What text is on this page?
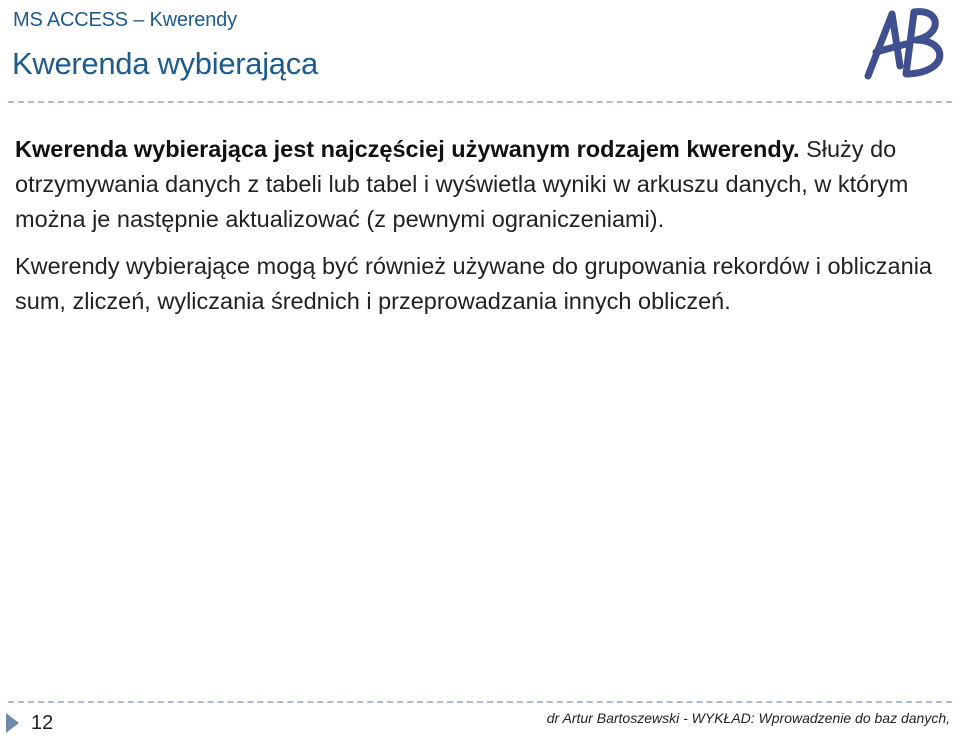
MS ACCESS – Kwerendy
Kwerenda wybierająca

Kwerenda wybierająca jest najczęściej używanym rodzajem kwerendy. Służy do otrzymywania danych z tabeli lub tabel i wyświetla wyniki w arkuszu danych, w którym można je następnie aktualizować (z pewnymi ograniczeniami).

Kwerendy wybierające mogą być również używane do grupowania rekordów i obliczania sum, zliczeń, wyliczania średnich i przeprowadzania innych obliczeń.

12	dr Artur Bartoszewski - WYKŁAD: Wprowadzenie do baz danych,
